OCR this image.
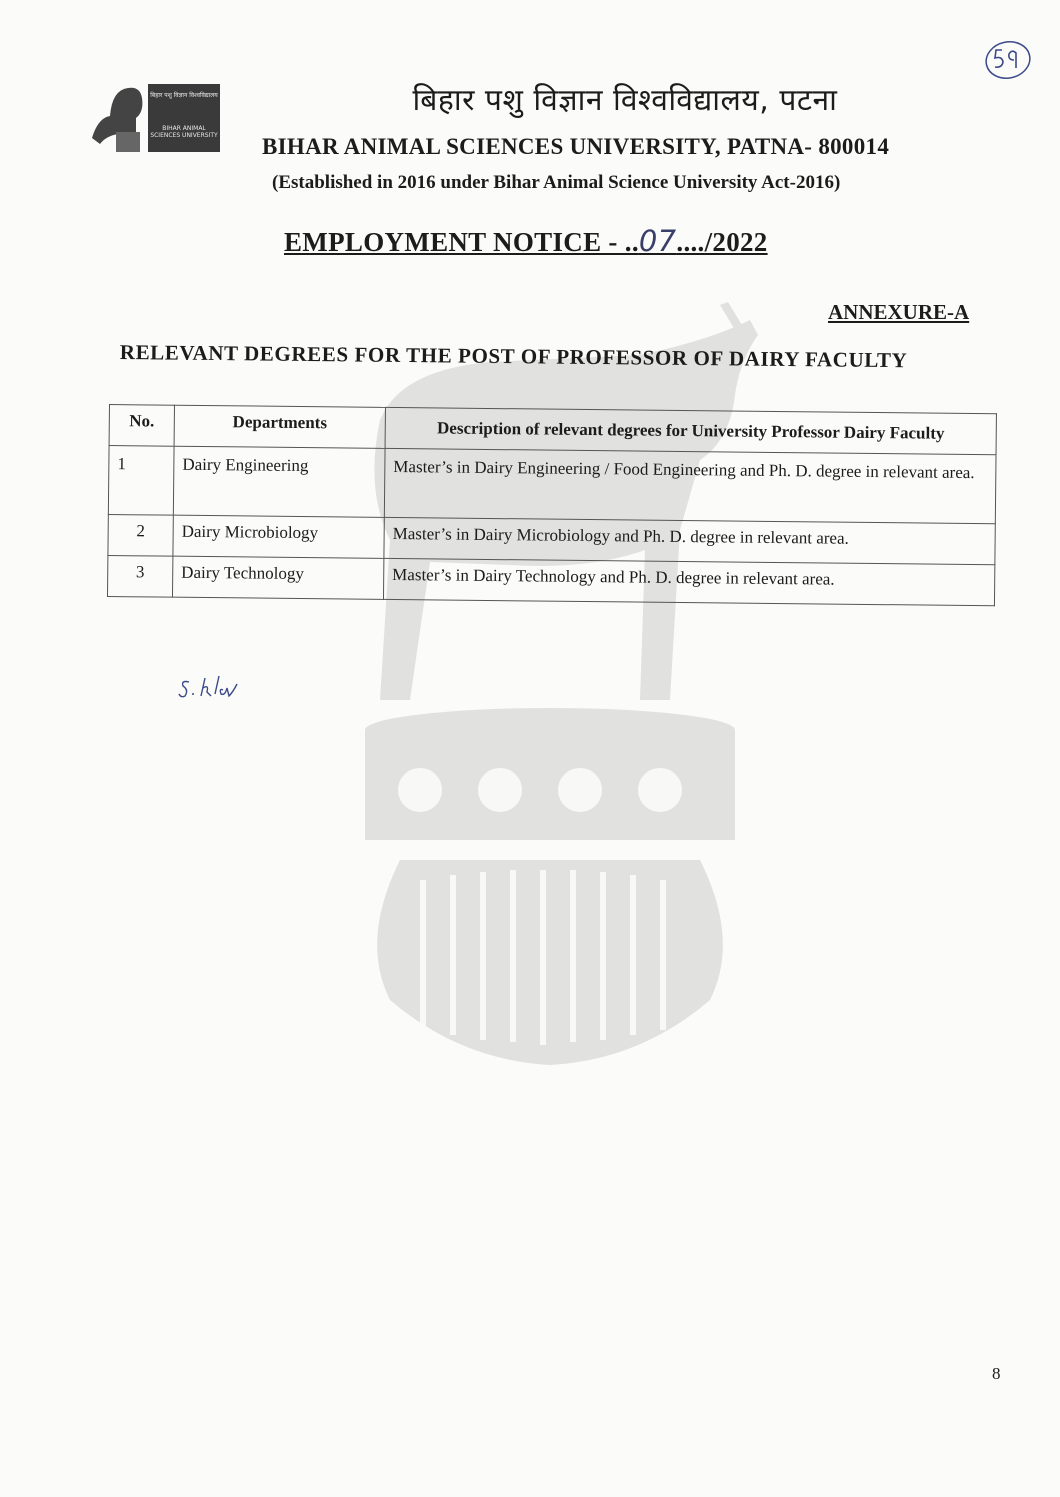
बिहार पशु विज्ञान विश्वविद्यालय
BIHAR ANIMAL SCIENCES UNIVERSITY
बिहार पशु विज्ञान विश्वविद्यालय, पटना
BIHAR ANIMAL SCIENCES UNIVERSITY, PATNA- 800014
(Established in 2016 under Bihar Animal Science University Act-2016)
EMPLOYMENT NOTICE - ..07..../2022
ANNEXURE-A
RELEVANT DEGREES FOR THE POST OF PROFESSOR OF DAIRY FACULTY
No.	Departments	Description of relevant degrees for University Professor Dairy Faculty
1	Dairy Engineering	Master’s in Dairy Engineering / Food Engineering and Ph. D. degree in relevant area.
2	Dairy Microbiology	Master’s in Dairy Microbiology and Ph. D. degree in relevant area.
3	Dairy Technology	Master’s in Dairy Technology and Ph. D. degree in relevant area.
8
